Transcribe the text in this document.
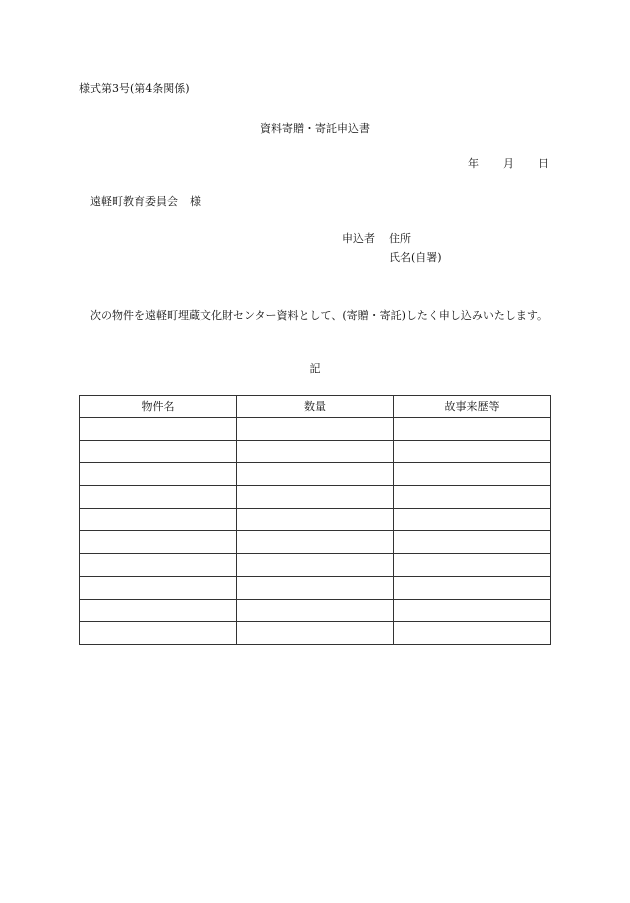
様式第3号(第4条関係)
資料寄贈・寄託申込書
年 月 日
遠軽町教育委員会 様
申込者 住所
氏名(自署)
次の物件を遠軽町埋蔵文化財センター資料として、(寄贈・寄託)したく申し込みいたします。
記
物件名	数量	故事来歴等
